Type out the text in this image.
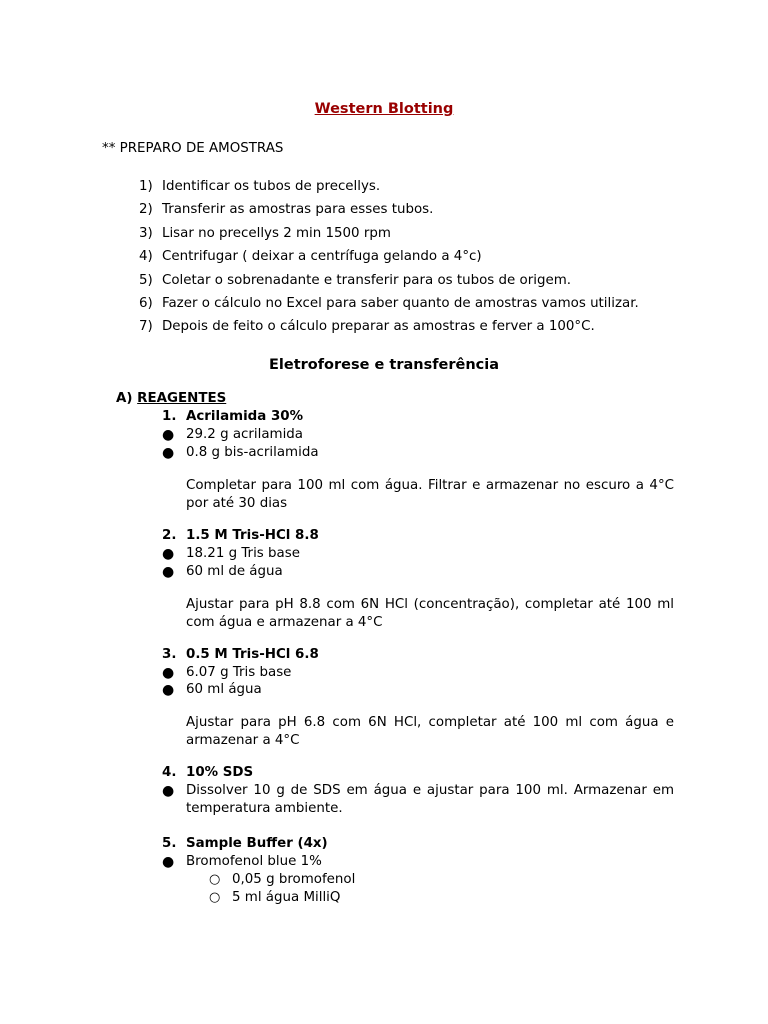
Western Blotting
** PREPARO DE AMOSTRAS
1) Identificar os tubos de precellys.
2) Transferir as amostras para esses tubos.
3) Lisar no precellys 2 min 1500 rpm
4) Centrifugar ( deixar a centrífuga gelando a 4°c)
5) Coletar o sobrenadante e transferir para os tubos de origem.
6) Fazer o cálculo no Excel para saber quanto de amostras vamos utilizar.
7) Depois de feito o cálculo preparar as amostras e ferver a 100°C.
Eletroforese e transferência
A) REAGENTES
1. Acrilamida 30%
● 29.2 g acrilamida
● 0.8 g bis-acrilamida
Completar para 100 ml com água. Filtrar e armazenar no escuro a 4°C por até 30 dias
2. 1.5 M Tris-HCl 8.8
● 18.21 g Tris base
● 60 ml de água
Ajustar para pH 8.8 com 6N HCl (concentração), completar até 100 ml com água e armazenar a 4°C
3. 0.5 M Tris-HCl 6.8
● 6.07 g Tris base
● 60 ml água
Ajustar para pH 6.8 com 6N HCl, completar até 100 ml com água e armazenar a 4°C
4. 10% SDS
● Dissolver 10 g de SDS em água e ajustar para 100 ml. Armazenar em temperatura ambiente.
5. Sample Buffer (4x)
● Bromofenol blue 1%
○ 0,05 g bromofenol
○ 5 ml água MilliQ
